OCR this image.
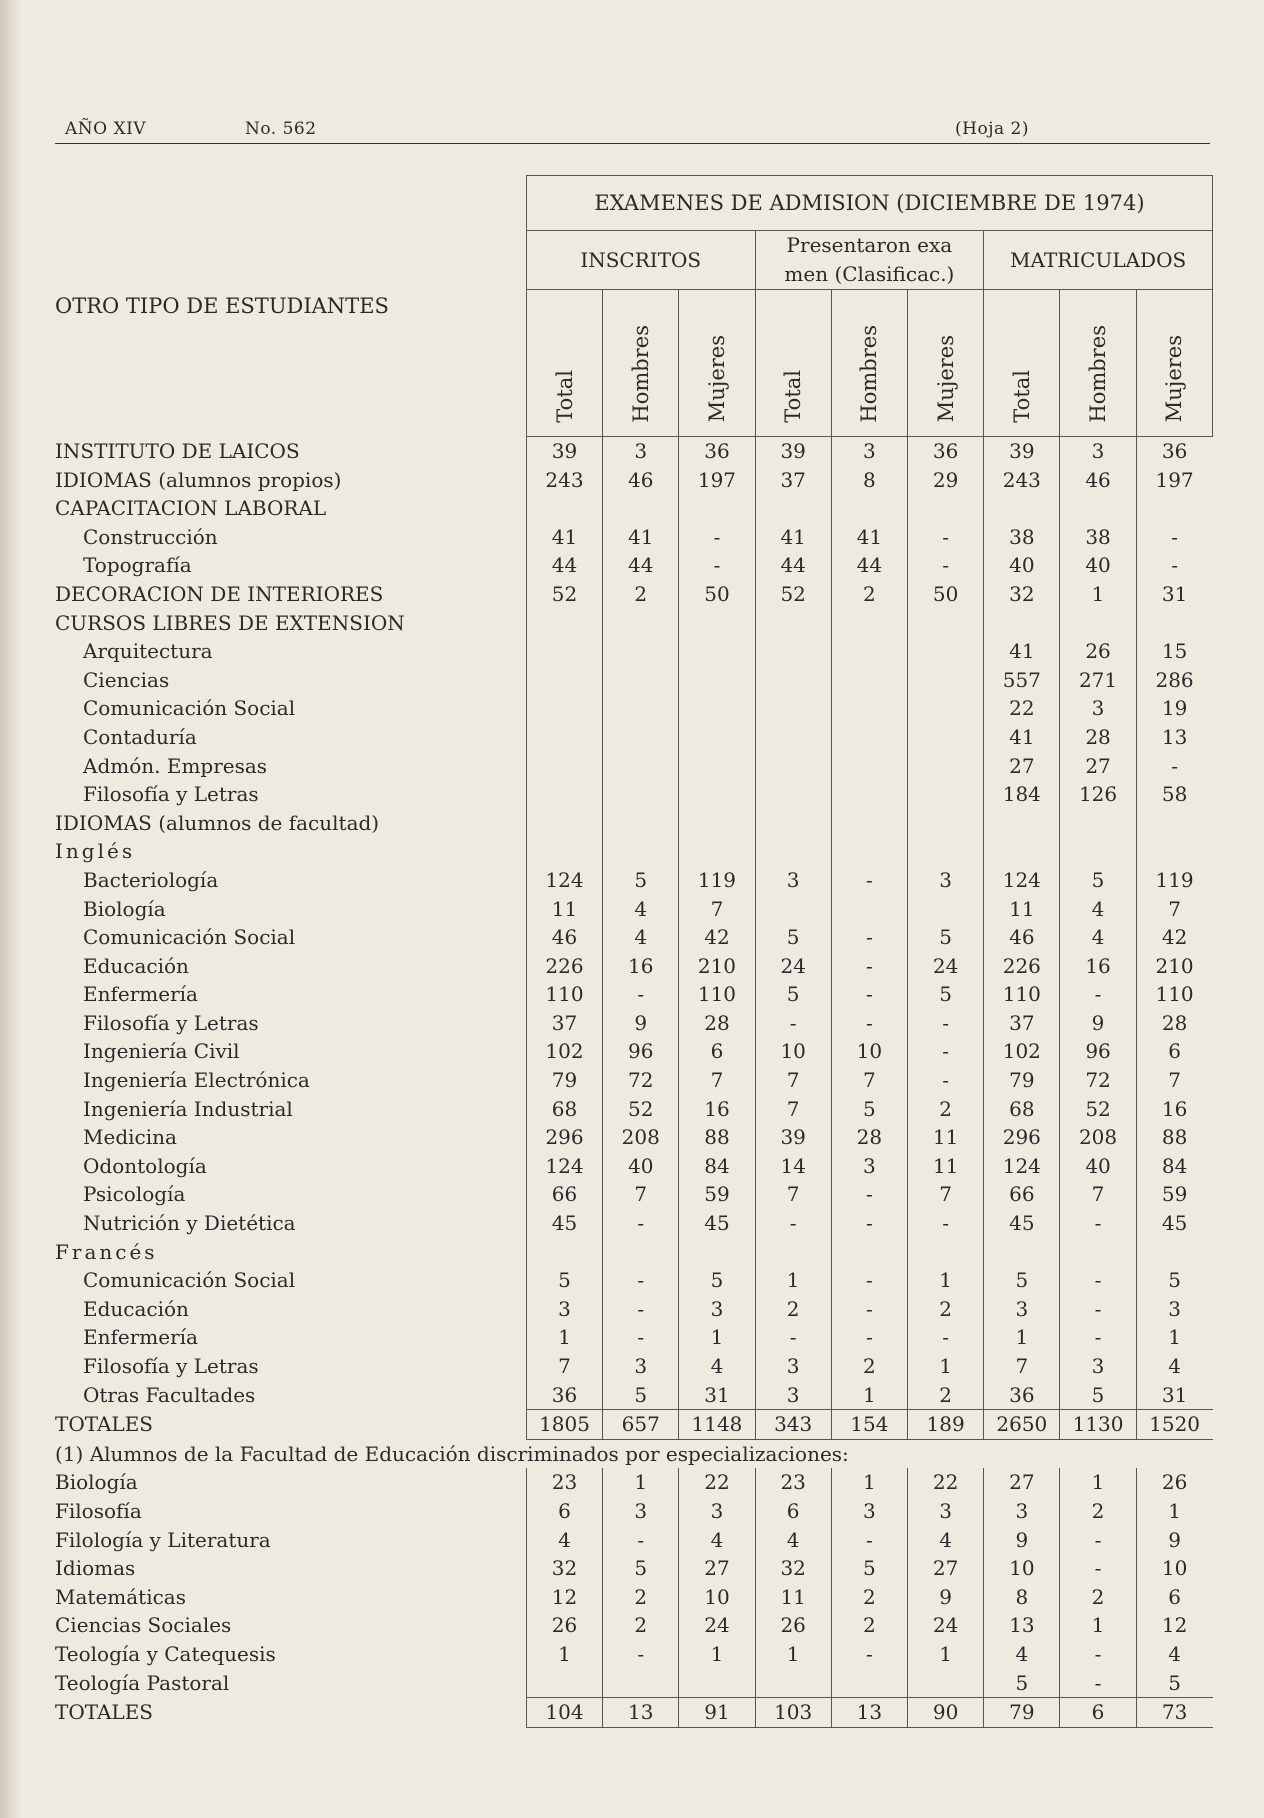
AÑO XIV	No. 562	(Hoja 2)
OTRO TIPO DE ESTUDIANTES	EXAMENES DE ADMISION (DICIEMBRE DE 1974)								
	INSCRITOS			Presentaron exa men (Clasificac.)			MATRICULADOS		
	Total	Hombres	Mujeres	Total	Hombres	Mujeres	Total	Hombres	Mujeres
INSTITUTO DE LAICOS	39	3	36	39	3	36	39	3	36
IDIOMAS (alumnos propios)	243	46	197	37	8	29	243	46	197
CAPACITACION LABORAL									
Construcción	41	41	-	41	41	-	38	38	-
Topografía	44	44	-	44	44	-	40	40	-
DECORACION DE INTERIORES	52	2	50	52	2	50	32	1	31
CURSOS LIBRES DE EXTENSION									
Arquitectura							41	26	15
Ciencias							557	271	286
Comunicación Social							22	3	19
Contaduría							41	28	13
Admón. Empresas							27	27	-
Filosofía y Letras							184	126	58
IDIOMAS (alumnos de facultad)									
Inglés									
Bacteriología	124	5	119	3	-	3	124	5	119
Biología	11	4	7				11	4	7
Comunicación Social	46	4	42	5	-	5	46	4	42
Educación	226	16	210	24	-	24	226	16	210
Enfermería	110	-	110	5	-	5	110	-	110
Filosofía y Letras	37	9	28	-	-	-	37	9	28
Ingeniería Civil	102	96	6	10	10	-	102	96	6
Ingeniería Electrónica	79	72	7	7	7	-	79	72	7
Ingeniería Industrial	68	52	16	7	5	2	68	52	16
Medicina	296	208	88	39	28	11	296	208	88
Odontología	124	40	84	14	3	11	124	40	84
Psicología	66	7	59	7	-	7	66	7	59
Nutrición y Dietética	45	-	45	-	-	-	45	-	45
Francés									
Comunicación Social	5	-	5	1	-	1	5	-	5
Educación	3	-	3	2	-	2	3	-	3
Enfermería	1	-	1	-	-	-	1	-	1
Filosofía y Letras	7	3	4	3	2	1	7	3	4
Otras Facultades	36	5	31	3	1	2	36	5	31
TOTALES	1805	657	1148	343	154	189	2650	1130	1520
(1) Alumnos de la Facultad de Educación discriminados por especializaciones:									
Biología	23	1	22	23	1	22	27	1	26
Filosofía	6	3	3	6	3	3	3	2	1
Filología y Literatura	4	-	4	4	-	4	9	-	9
Idiomas	32	5	27	32	5	27	10	-	10
Matemáticas	12	2	10	11	2	9	8	2	6
Ciencias Sociales	26	2	24	26	2	24	13	1	12
Teología y Catequesis	1	-	1	1	-	1	4	-	4
Teología Pastoral							5	-	5
TOTALES	104	13	91	103	13	90	79	6	73
